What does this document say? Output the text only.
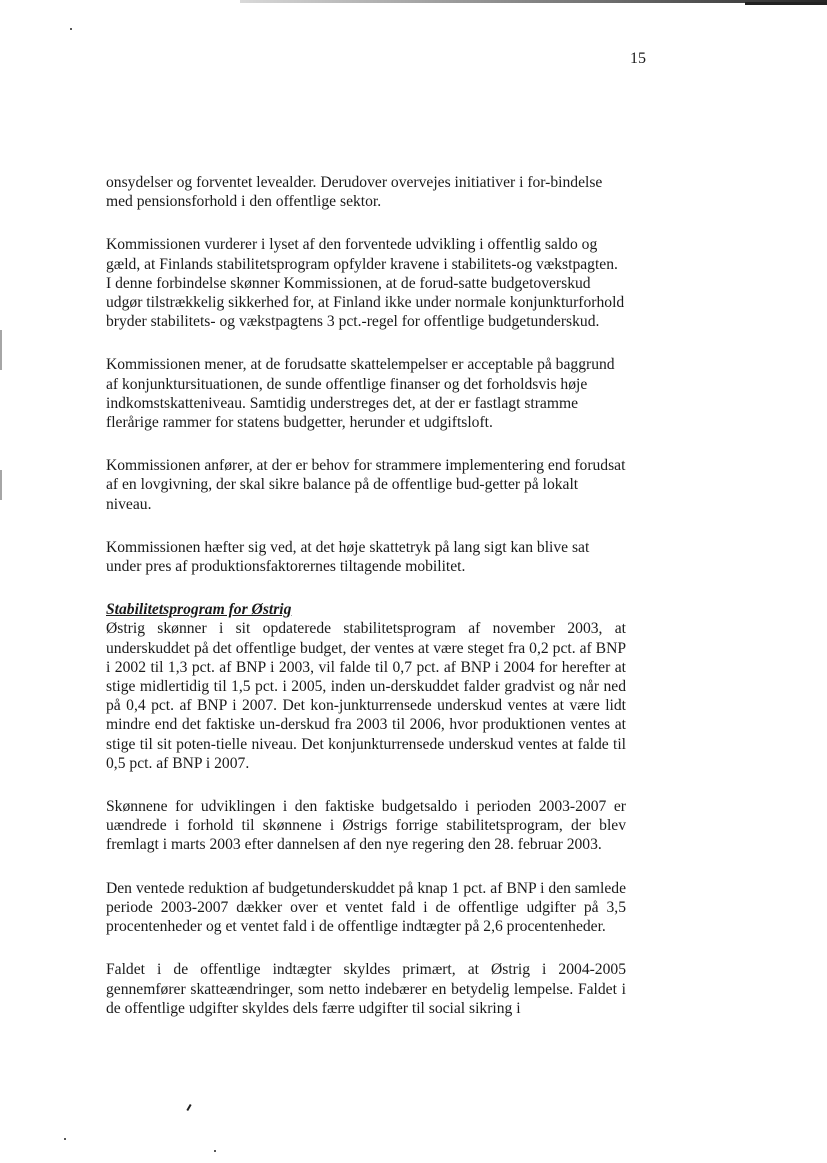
15

onsydelser og forventet levealder. Derudover overvejes initiativer i for-bindelse med pensionsforhold i den offentlige sektor.

Kommissionen vurderer i lyset af den forventede udvikling i offentlig saldo og gæld, at Finlands stabilitetsprogram opfylder kravene i stabilitets-og vækstpagten. I denne forbindelse skønner Kommissionen, at de forud-satte budgetoverskud udgør tilstrækkelig sikkerhed for, at Finland ikke under normale konjunkturforhold bryder stabilitets- og vækstpagtens 3 pct.-regel for offentlige budgetunderskud.

Kommissionen mener, at de forudsatte skattelempelser er acceptable på baggrund af konjunktursituationen, de sunde offentlige finanser og det forholdsvis høje indkomstskatteniveau. Samtidig understreges det, at der er fastlagt stramme flerårige rammer for statens budgetter, herunder et udgiftsloft.

Kommissionen anfører, at der er behov for strammere implementering end forudsat af en lovgivning, der skal sikre balance på de offentlige bud-getter på lokalt niveau.

Kommissionen hæfter sig ved, at det høje skattetryk på lang sigt kan blive sat under pres af produktionsfaktorernes tiltagende mobilitet.

Stabilitetsprogram for Østrig

Østrig skønner i sit opdaterede stabilitetsprogram af november 2003, at underskuddet på det offentlige budget, der ventes at være steget fra 0,2 pct. af BNP i 2002 til 1,3 pct. af BNP i 2003, vil falde til 0,7 pct. af BNP i 2004 for herefter at stige midlertidig til 1,5 pct. i 2005, inden un-derskuddet falder gradvist og når ned på 0,4 pct. af BNP i 2007. Det kon-junkturrensede underskud ventes at være lidt mindre end det faktiske un-derskud fra 2003 til 2006, hvor produktionen ventes at stige til sit poten-tielle niveau. Det konjunkturrensede underskud ventes at falde til 0,5 pct. af BNP i 2007.

Skønnene for udviklingen i den faktiske budgetsaldo i perioden 2003-2007 er uændrede i forhold til skønnene i Østrigs forrige stabilitetsprogram, der blev fremlagt i marts 2003 efter dannelsen af den nye regering den 28. februar 2003.

Den ventede reduktion af budgetunderskuddet på knap 1 pct. af BNP i den samlede periode 2003-2007 dækker over et ventet fald i de offentlige udgifter på 3,5 procentenheder og et ventet fald i de offentlige indtægter på 2,6 procentenheder.

Faldet i de offentlige indtægter skyldes primært, at Østrig i 2004-2005 gennemfører skatteændringer, som netto indebærer en betydelig lempelse. Faldet i de offentlige udgifter skyldes dels færre udgifter til social sikring i
